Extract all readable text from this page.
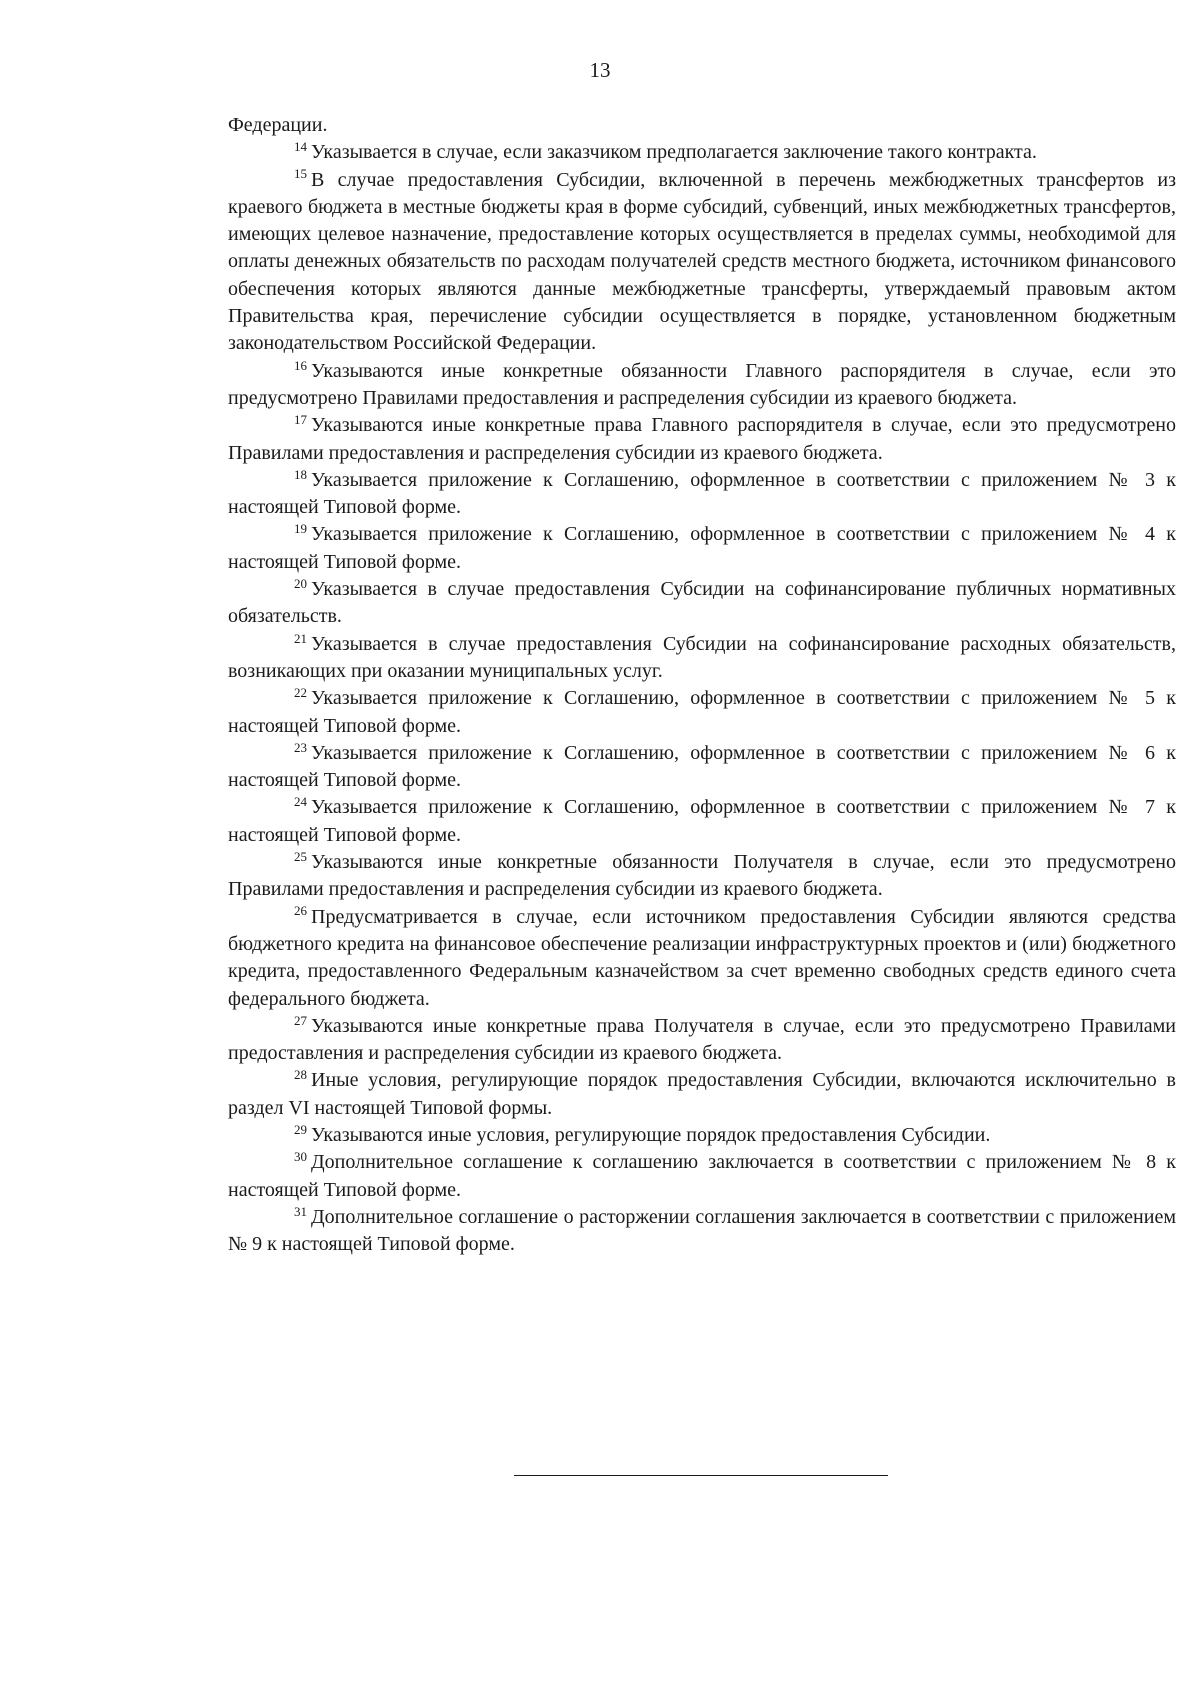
13

Федерации.

$^{14}$ Указывается в случае, если заказчиком предполагается заключение такого контракта.

$^{15}$ В случае предоставления Субсидии, включенной в перечень межбюджетных трансфертов из краевого бюджета в местные бюджеты края в форме субсидий, субвенций, иных межбюджетных трансфертов, имеющих целевое назначение, предоставление которых осуществляется в пределах суммы, необходимой для оплаты денежных обязательств по расходам получателей средств местного бюджета, источником финансового обеспечения которых являются данные межбюджетные трансферты, утверждаемый правовым актом Правительства края, перечисление субсидии осуществляется в порядке, установленном бюджетным законодательством Российской Федерации.

$^{16}$ Указываются иные конкретные обязанности Главного распорядителя в случае, если это предусмотрено Правилами предоставления и распределения субсидии из краевого бюджета.

$^{17}$ Указываются иные конкретные права Главного распорядителя в случае, если это предусмотрено Правилами предоставления и распределения субсидии из краевого бюджета.

$^{18}$ Указывается приложение к Соглашению, оформленное в соответствии с приложением № 3 к настоящей Типовой форме.

$^{19}$ Указывается приложение к Соглашению, оформленное в соответствии с приложением № 4 к настоящей Типовой форме.

$^{20}$ Указывается в случае предоставления Субсидии на софинансирование публичных нормативных обязательств.

$^{21}$ Указывается в случае предоставления Субсидии на софинансирование расходных обязательств, возникающих при оказании муниципальных услуг.

$^{22}$ Указывается приложение к Соглашению, оформленное в соответствии с приложением № 5 к настоящей Типовой форме.

$^{23}$ Указывается приложение к Соглашению, оформленное в соответствии с приложением № 6 к настоящей Типовой форме.

$^{24}$ Указывается приложение к Соглашению, оформленное в соответствии с приложением № 7 к настоящей Типовой форме.

$^{25}$ Указываются иные конкретные обязанности Получателя в случае, если это предусмотрено Правилами предоставления и распределения субсидии из краевого бюджета.

$^{26}$ Предусматривается в случае, если источником предоставления Субсидии являются средства бюджетного кредита на финансовое обеспечение реализации инфраструктурных проектов и (или) бюджетного кредита, предоставленного Федеральным казначейством за счет временно свободных средств единого счета федерального бюджета.

$^{27}$ Указываются иные конкретные права Получателя в случае, если это предусмотрено Правилами предоставления и распределения субсидии из краевого бюджета.

$^{28}$ Иные условия, регулирующие порядок предоставления Субсидии, включаются исключительно в раздел VI настоящей Типовой формы.

$^{29}$ Указываются иные условия, регулирующие порядок предоставления Субсидии.

$^{30}$ Дополнительное соглашение к соглашению заключается в соответствии с приложением № 8 к настоящей Типовой форме.

$^{31}$ Дополнительное соглашение о расторжении соглашения заключается в соответствии с приложением № 9 к настоящей Типовой форме.
